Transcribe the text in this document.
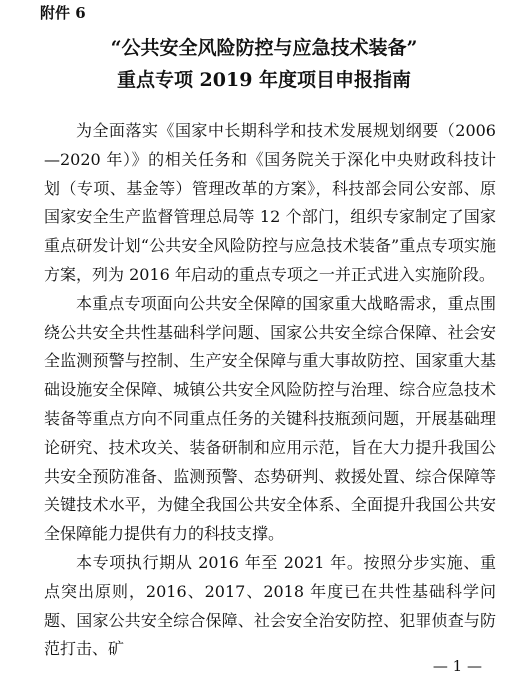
附件 6
“公共安全风险防控与应急技术装备”
重点专项 2019 年度项目申报指南

为全面落实《国家中长期科学和技术发展规划纲要（2006—2020 年）》的相关任务和《国务院关于深化中央财政科技计划（专项、基金等）管理改革的方案》，科技部会同公安部、原国家安全生产监督管理总局等 12 个部门，组织专家制定了国家重点研发计划“公共安全风险防控与应急技术装备”重点专项实施方案，列为 2016 年启动的重点专项之一并正式进入实施阶段。

本重点专项面向公共安全保障的国家重大战略需求，重点围绕公共安全共性基础科学问题、国家公共安全综合保障、社会安全监测预警与控制、生产安全保障与重大事故防控、国家重大基础设施安全保障、城镇公共安全风险防控与治理、综合应急技术装备等重点方向不同重点任务的关键科技瓶颈问题，开展基础理论研究、技术攻关、装备研制和应用示范，旨在大力提升我国公共安全预防准备、监测预警、态势研判、救援处置、综合保障等关键技术水平，为健全我国公共安全体系、全面提升我国公共安全保障能力提供有力的科技支撑。

本专项执行期从 2016 年至 2021 年。按照分步实施、重点突出原则，2016、2017、2018 年度已在共性基础科学问题、国家公共安全综合保障、社会安全治安防控、犯罪侦查与防范打击、矿

— 1 —
